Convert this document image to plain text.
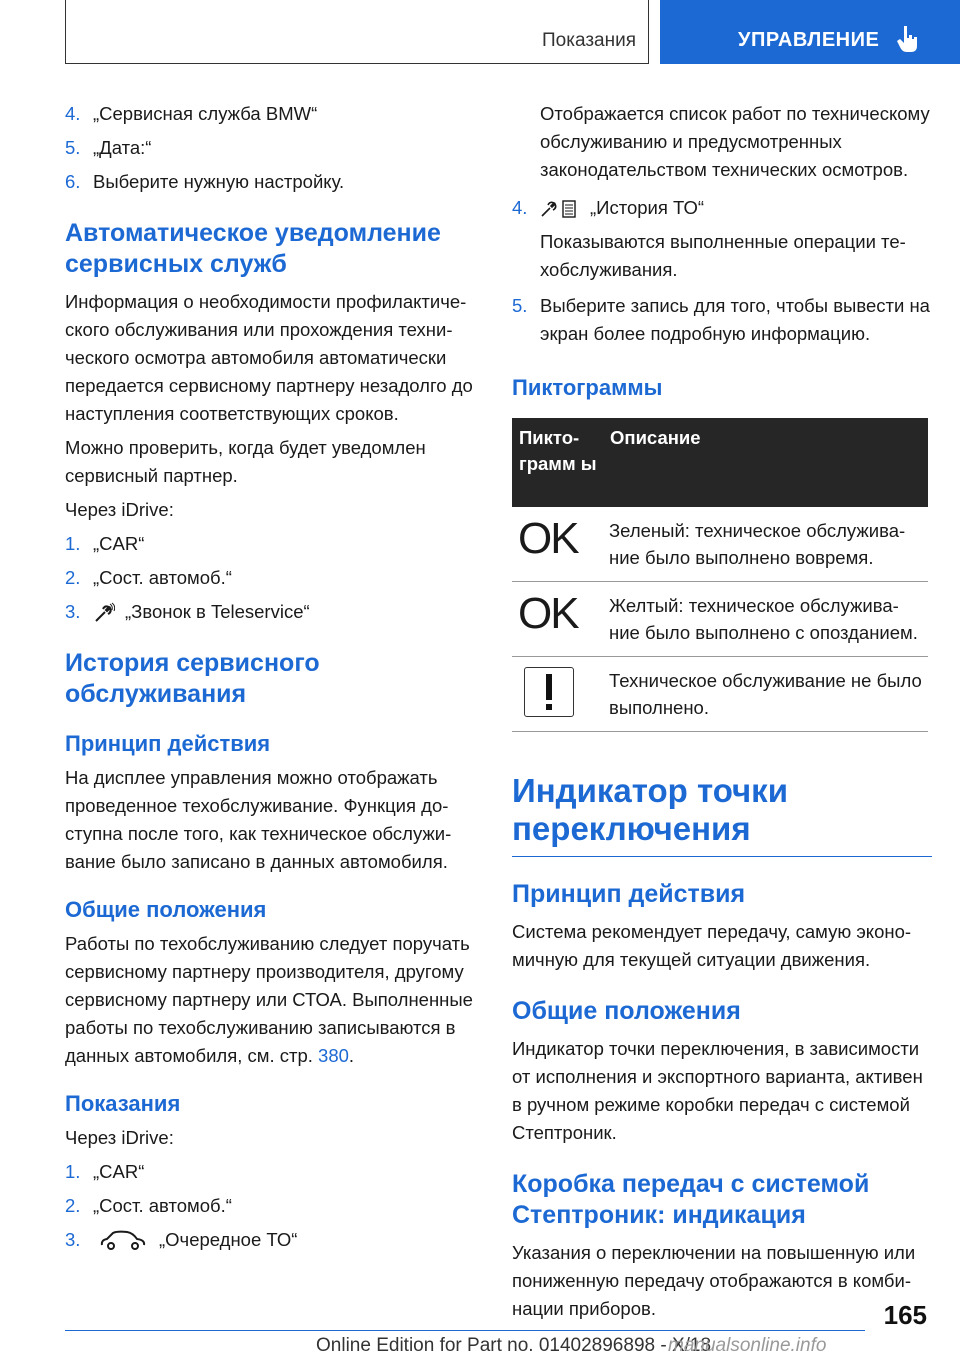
Показания	УПРАВЛЕНИЕ
4. „Сервисная служба BMW“
5. „Дата:“
6. Выберите нужную настройку.
Автоматическое уведомление сервисных служб

Информация о необходимости профилактического обслуживания или прохождения технического осмотра автомобиля автоматически передается сервисному партнеру незадолго до наступления соответствующих сроков.

Можно проверить, когда будет уведомлен сервисный партнер.

Через iDrive:

1. „CAR“
2. „Сост. автомоб.“
3. „Звонок в Teleservice“
История сервисного обслуживания
Принцип действия

На дисплее управления можно отображать проведенное техобслуживание. Функция доступна после того, как техническое обслуживание было записано в данных автомобиля.

Общие положения

Работы по техобслуживанию следует поручать сервисному партнеру производителя, другому сервисному партнеру или СТОА. Выполненные работы по техобслуживанию записываются в данных автомобиля, см. стр. 380.

Показания

Через iDrive:

1. „CAR“
2. „Сост. автомоб.“
3.	„Очередное ТО“

Отображается список работ по техническому обслуживанию и предусмотренных законодательством технических осмотров.

4.	„История ТО“

Показываются выполненные операции техобслуживания.

5. Выберите запись для того, чтобы вывести на экран более подробную информацию.
Пиктограммы
Пиктограмм ы	Описание
OK	Зеленый: техническое обслуживание было выполнено вовремя.
OK	Желтый: техническое обслуживание было выполнено с опозданием.

	Техническое обслуживание не было выполнено.
Индикатор точки переключения
Принцип действия

Система рекомендует передачу, самую экономичную для текущей ситуации движения.

Общие положения

Индикатор точки переключения, в зависимости от исполнения и экспортного варианта, активен в ручном режиме коробки передач с системой Стептроник.

Коробка передач с системой Стептроник: индикация

Указания о переключении на повышенную или пониженную передачу отображаются в комбинации приборов.	165
Online Edition for Part no. 01402896898 - X/18
manualsonline.info
